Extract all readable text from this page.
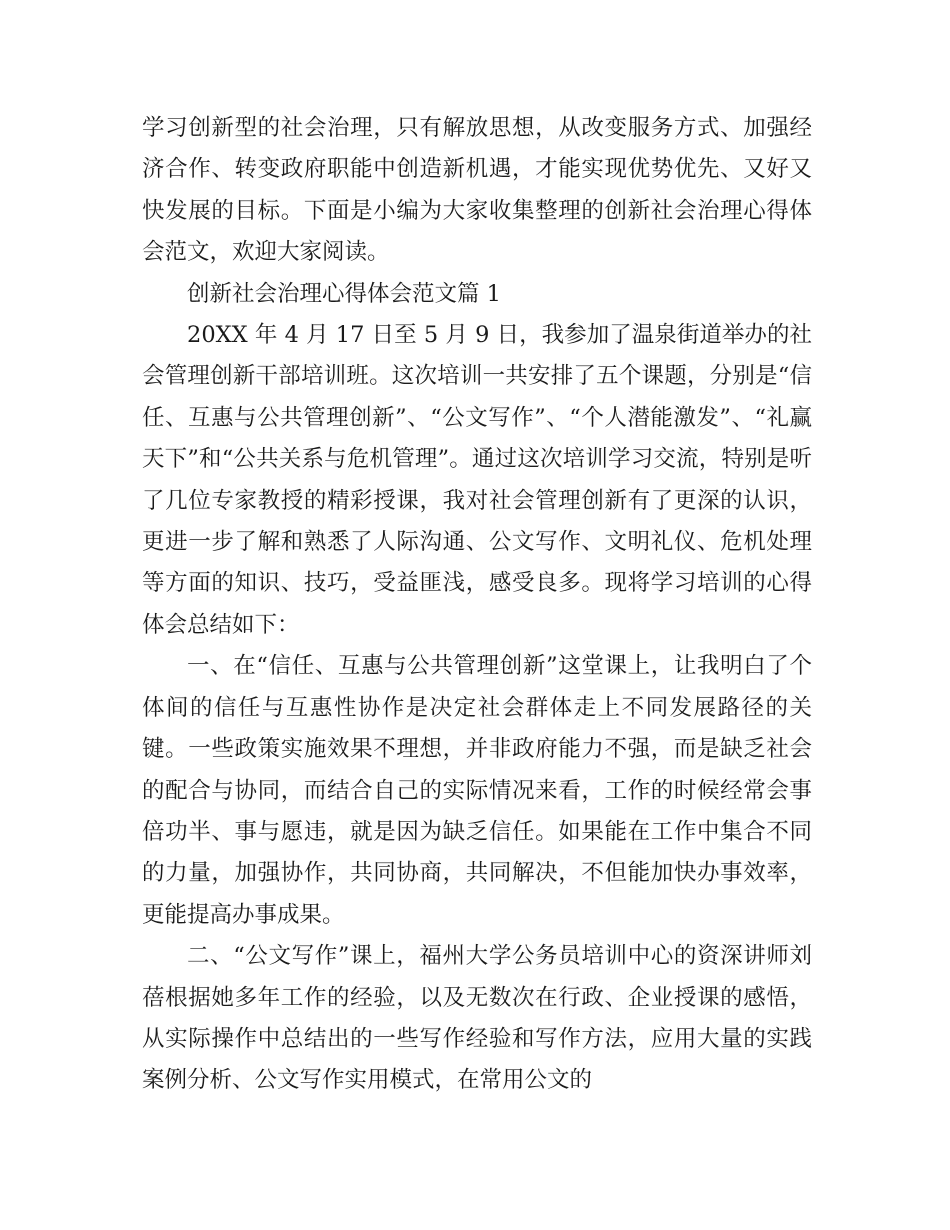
学习创新型的社会治理，只有解放思想，从改变服务方式、加强经济合作、转变政府职能中创造新机遇，才能实现优势优先、又好又快发展的目标。下面是小编为大家收集整理的创新社会治理心得体会范文，欢迎大家阅读。

创新社会治理心得体会范文篇 1

20XX 年 4 月 17 日至 5 月 9 日，我参加了温泉街道举办的社会管理创新干部培训班。这次培训一共安排了五个课题，分别是“信任、互惠与公共管理创新”、“公文写作”、“个人潜能激发”、“礼赢天下”和“公共关系与危机管理”。通过这次培训学习交流，特别是听了几位专家教授的精彩授课，我对社会管理创新有了更深的认识，更进一步了解和熟悉了人际沟通、公文写作、文明礼仪、危机处理等方面的知识、技巧，受益匪浅，感受良多。现将学习培训的心得体会总结如下：

一、在“信任、互惠与公共管理创新”这堂课上，让我明白了个体间的信任与互惠性协作是决定社会群体走上不同发展路径的关键。一些政策实施效果不理想，并非政府能力不强，而是缺乏社会的配合与协同，而结合自己的实际情况来看，工作的时候经常会事倍功半、事与愿违，就是因为缺乏信任。如果能在工作中集合不同的力量，加强协作，共同协商，共同解决，不但能加快办事效率，更能提高办事成果。

二、“公文写作”课上，福州大学公务员培训中心的资深讲师刘蓓根据她多年工作的经验，以及无数次在行政、企业授课的感悟，从实际操作中总结出的一些写作经验和写作方法，应用大量的实践案例分析、公文写作实用模式，在常用公文的
